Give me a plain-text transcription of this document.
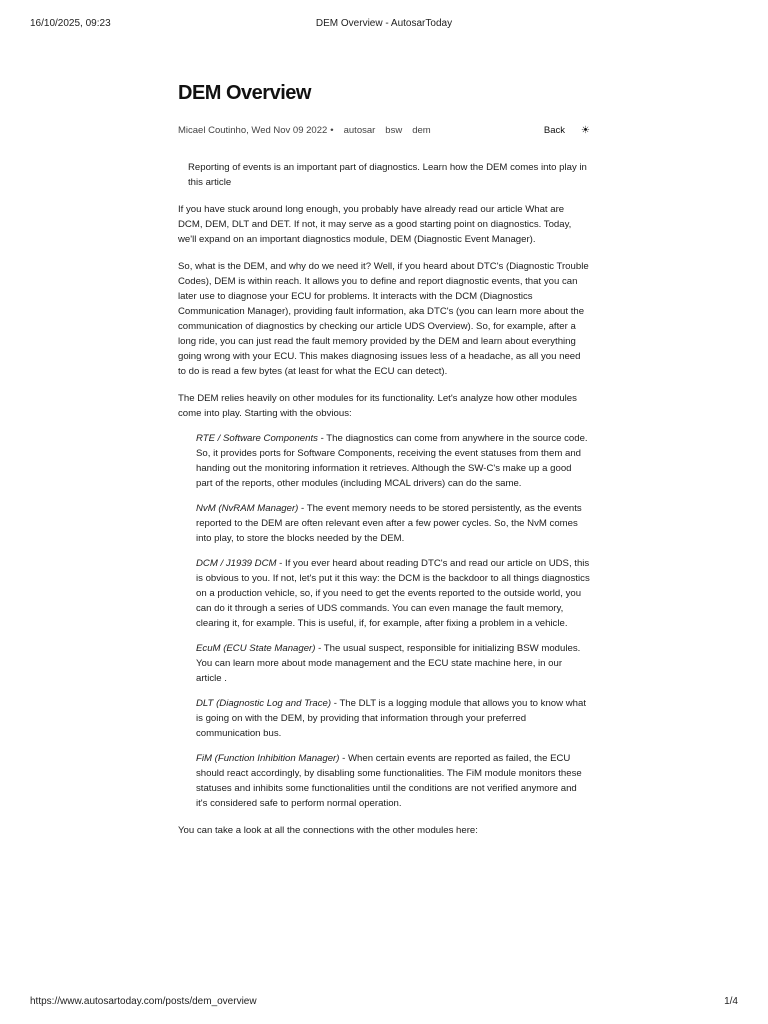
16/10/2025, 09:23	DEM Overview - AutosarToday
DEM Overview
Micael Coutinho, Wed Nov 09 2022 • autosar bsw dem	Back ☀
Reporting of events is an important part of diagnostics. Learn how the DEM comes into play in this article

If you have stuck around long enough, you probably have already read our article What are DCM, DEM, DLT and DET. If not, it may serve as a good starting point on diagnostics. Today, we'll expand on an important diagnostics module, DEM (Diagnostic Event Manager).

So, what is the DEM, and why do we need it? Well, if you heard about DTC's (Diagnostic Trouble Codes), DEM is within reach. It allows you to define and report diagnostic events, that you can later use to diagnose your ECU for problems. It interacts with the DCM (Diagnostics Communication Manager), providing fault information, aka DTC's (you can learn more about the communication of diagnostics by checking our article UDS Overview). So, for example, after a long ride, you can just read the fault memory provided by the DEM and learn about everything going wrong with your ECU. This makes diagnosing issues less of a headache, as all you need to do is read a few bytes (at least for what the ECU can detect).

The DEM relies heavily on other modules for its functionality. Let's analyze how other modules come into play. Starting with the obvious:

RTE / Software Components - The diagnostics can come from anywhere in the source code. So, it provides ports for Software Components, receiving the event statuses from them and handing out the monitoring information it retrieves. Although the SW-C's make up a good part of the reports, other modules (including MCAL drivers) can do the same.

NvM (NvRAM Manager) - The event memory needs to be stored persistently, as the events reported to the DEM are often relevant even after a few power cycles. So, the NvM comes into play, to store the blocks needed by the DEM.

DCM / J1939 DCM - If you ever heard about reading DTC's and read our article on UDS, this is obvious to you. If not, let's put it this way: the DCM is the backdoor to all things diagnostics on a production vehicle, so, if you need to get the events reported to the outside world, you can do it through a series of UDS commands. You can even manage the fault memory, clearing it, for example. This is useful, if, for example, after fixing a problem in a vehicle.

EcuM (ECU State Manager) - The usual suspect, responsible for initializing BSW modules. You can learn more about mode management and the ECU state machine here, in our article .

DLT (Diagnostic Log and Trace) - The DLT is a logging module that allows you to know what is going on with the DEM, by providing that information through your preferred communication bus.

FiM (Function Inhibition Manager) - When certain events are reported as failed, the ECU should react accordingly, by disabling some functionalities. The FiM module monitors these statuses and inhibits some functionalities until the conditions are not verified anymore and it's considered safe to perform normal operation.

You can take a look at all the connections with the other modules here:

https://www.autosartoday.com/posts/dem_overview	1/4
